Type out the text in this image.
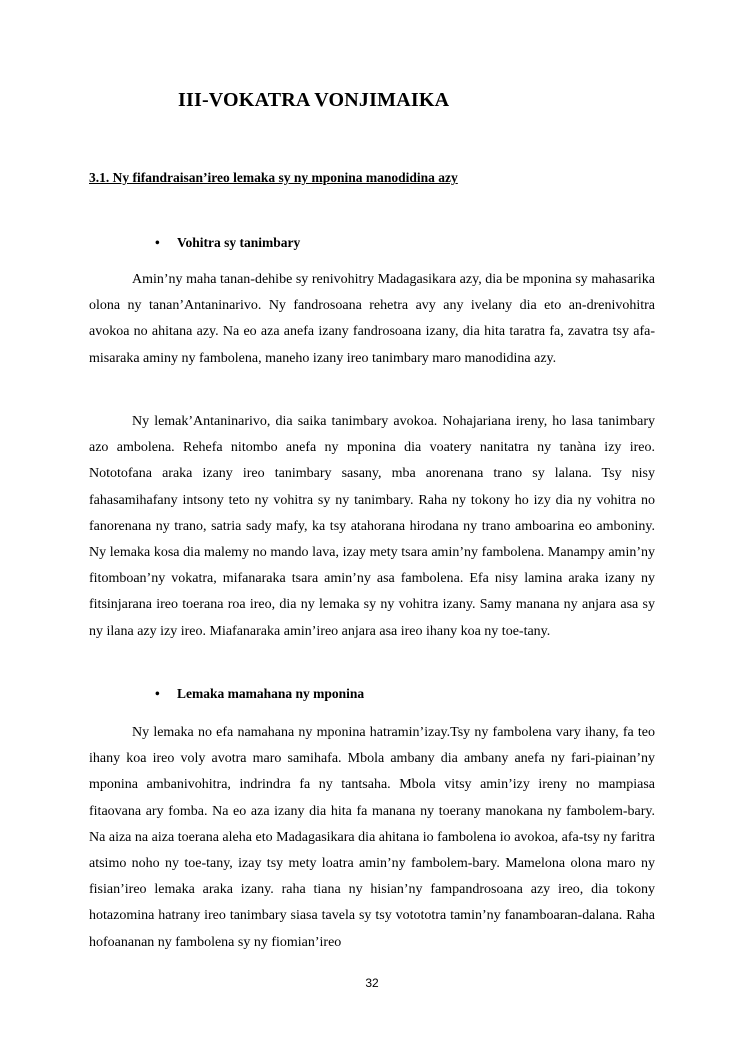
III-VOKATRA VONJIMAIKA
3.1. Ny fifandraisan’ireo lemaka sy ny mponina manodidina azy

• Vohitra sy tanimbary

Amin’ny maha tanan-dehibe sy renivohitry Madagasikara azy, dia be mponina sy mahasarika olona ny tanan’Antaninarivo. Ny fandrosoana rehetra avy any ivelany dia eto an-drenivohitra avokoa no ahitana azy. Na eo aza anefa izany fandrosoana izany, dia hita taratra fa, zavatra tsy afa-misaraka aminy ny fambolena, maneho izany ireo tanimbary maro manodidina azy.

Ny lemak’Antaninarivo, dia saika tanimbary avokoa. Nohajariana ireny, ho lasa tanimbary azo ambolena. Rehefa nitombo anefa ny mponina dia voatery nanitatra ny tanàna izy ireo. Nototofana araka izany ireo tanimbary sasany, mba anorenana trano sy lalana. Tsy nisy fahasamihafany intsony teto ny vohitra sy ny tanimbary. Raha ny tokony ho izy dia ny vohitra no fanorenana ny trano, satria sady mafy, ka tsy atahorana hirodana ny trano amboarina eo amboniny. Ny lemaka kosa dia malemy no mando lava, izay mety tsara amin’ny fambolena. Manampy amin’ny fitomboan’ny vokatra, mifanaraka tsara amin’ny asa fambolena. Efa nisy lamina araka izany ny fitsinjarana ireo toerana roa ireo, dia ny lemaka sy ny vohitra izany. Samy manana ny anjara asa sy ny ilana azy izy ireo. Miafanaraka amin’ireo anjara asa ireo ihany koa ny toe-tany.

• Lemaka mamahana ny mponina

Ny lemaka no efa namahana ny mponina hatramin’izay.Tsy ny fambolena vary ihany, fa teo ihany koa ireo voly avotra maro samihafa. Mbola ambany dia ambany anefa ny fari-piainan’ny mponina ambanivohitra, indrindra fa ny tantsaha. Mbola vitsy amin’izy ireny no mampiasa fitaovana ary fomba. Na eo aza izany dia hita fa manana ny toerany manokana ny fambolem-bary. Na aiza na aiza toerana aleha eto Madagasikara dia ahitana io fambolena io avokoa, afa-tsy ny faritra atsimo noho ny toe-tany, izay tsy mety loatra amin’ny fambolem-bary. Mamelona olona maro ny fisian’ireo lemaka araka izany. raha tiana ny hisian’ny fampandrosoana azy ireo, dia tokony hotazomina hatrany ireo tanimbary siasa tavela sy tsy votototra tamin’ny fanamboaran-dalana. Raha hofoananan ny fambolena sy ny fiomian’ireo

32
